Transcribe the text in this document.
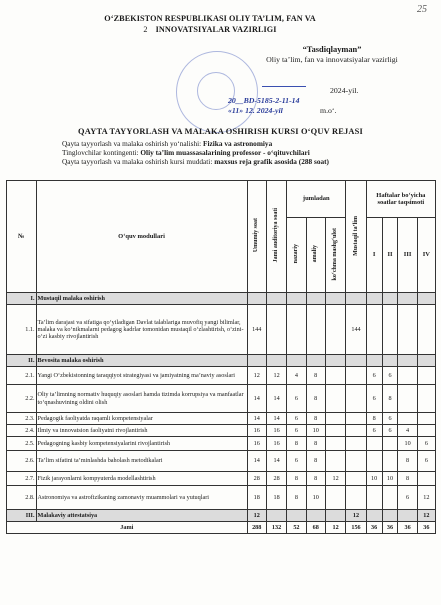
25
O‘ZBEKISTON RESPUBLIKASI OLIY TA’LIM, FAN VA
2 INNOVATSIYALAR VAZIRLIGI
“Tasdiqlayman”
Oliy ta’lim, fan va innovatsiyalar vazirligi
2024-yil.
20__BD-5185-2-11-14
«11» 12. 2024-yil	m.o‘.
QAYTA TAYYORLASH VA MALAKA OSHIRISH KURSI O‘QUV REJASI
Qayta tayyorlash va malaka oshirish yo‘nalishi: Fizika va astronomiya
Tinglovchilar kontingenti: Oliy ta’lim muassasalarining professor - o‘qituvchilari
Qayta tayyorlash va malaka oshirish kursi muddati: maxsus reja grafik asosida (288 soat)
№	O‘quv modullari	Umumiy soat	Jami auditoriya soati	jumladan			Mustaqil ta’lim	Haftalar bo‘yicha soatlar taqsimoti			
				nazariy	amaliy	ko‘chma mashg‘ulot		I	II	III	IV

I.	Mustaqil malaka oshirish										
1.1.	Ta’lim darajasi va sifatiga qo‘yiladigan Davlat talablariga muvofiq yangi bilimlar, malaka va ko‘nikmalarni pedagog kadrlar tomonidan mustaqil o‘zlashtirish, o‘zini-o‘zi kasbiy rivojlantirish	144					144				
II.	Bevosita malaka oshirish										
2.1.	Yangi O‘zbekistonning taraqqiyot strategiyasi va jamiyatning ma’naviy asoslari	12	12	4	8			6	6		
2.2.	Oliy ta’limning normativ huquqiy asoslari hamda tizimda korrupsiya va manfaatlar to‘qnashuvining oldini olish	14	14	6	8			6	8		
2.3.	Pedagogik faoliyatda raqamli kompetensiyalar	14	14	6	8			8	6		
2.4.	Ilmiy va innovatsion faoliyatni rivojlantirish	16	16	6	10			6	6	4	
2.5.	Pedagogning kasbiy kompetensiyalarini rivojlantirish	16	16	8	8					10	6
2.6.	Ta’lim sifatini ta’minlashda baholash metodikalari	14	14	6	8					8	6
2.7.	Fizik jarayonlarni kompyuterda modellashtirish	28	28	8	8	12		10	10	8	
2.8.	Astronomiya va astrofizikaning zamonaviy muammolari va yutuqlari	18	18	8	10					6	12
III.	Malakaviy attestatsiya	12					12				12
Jami		288	132	52	68	12	156	36	36	36	36
